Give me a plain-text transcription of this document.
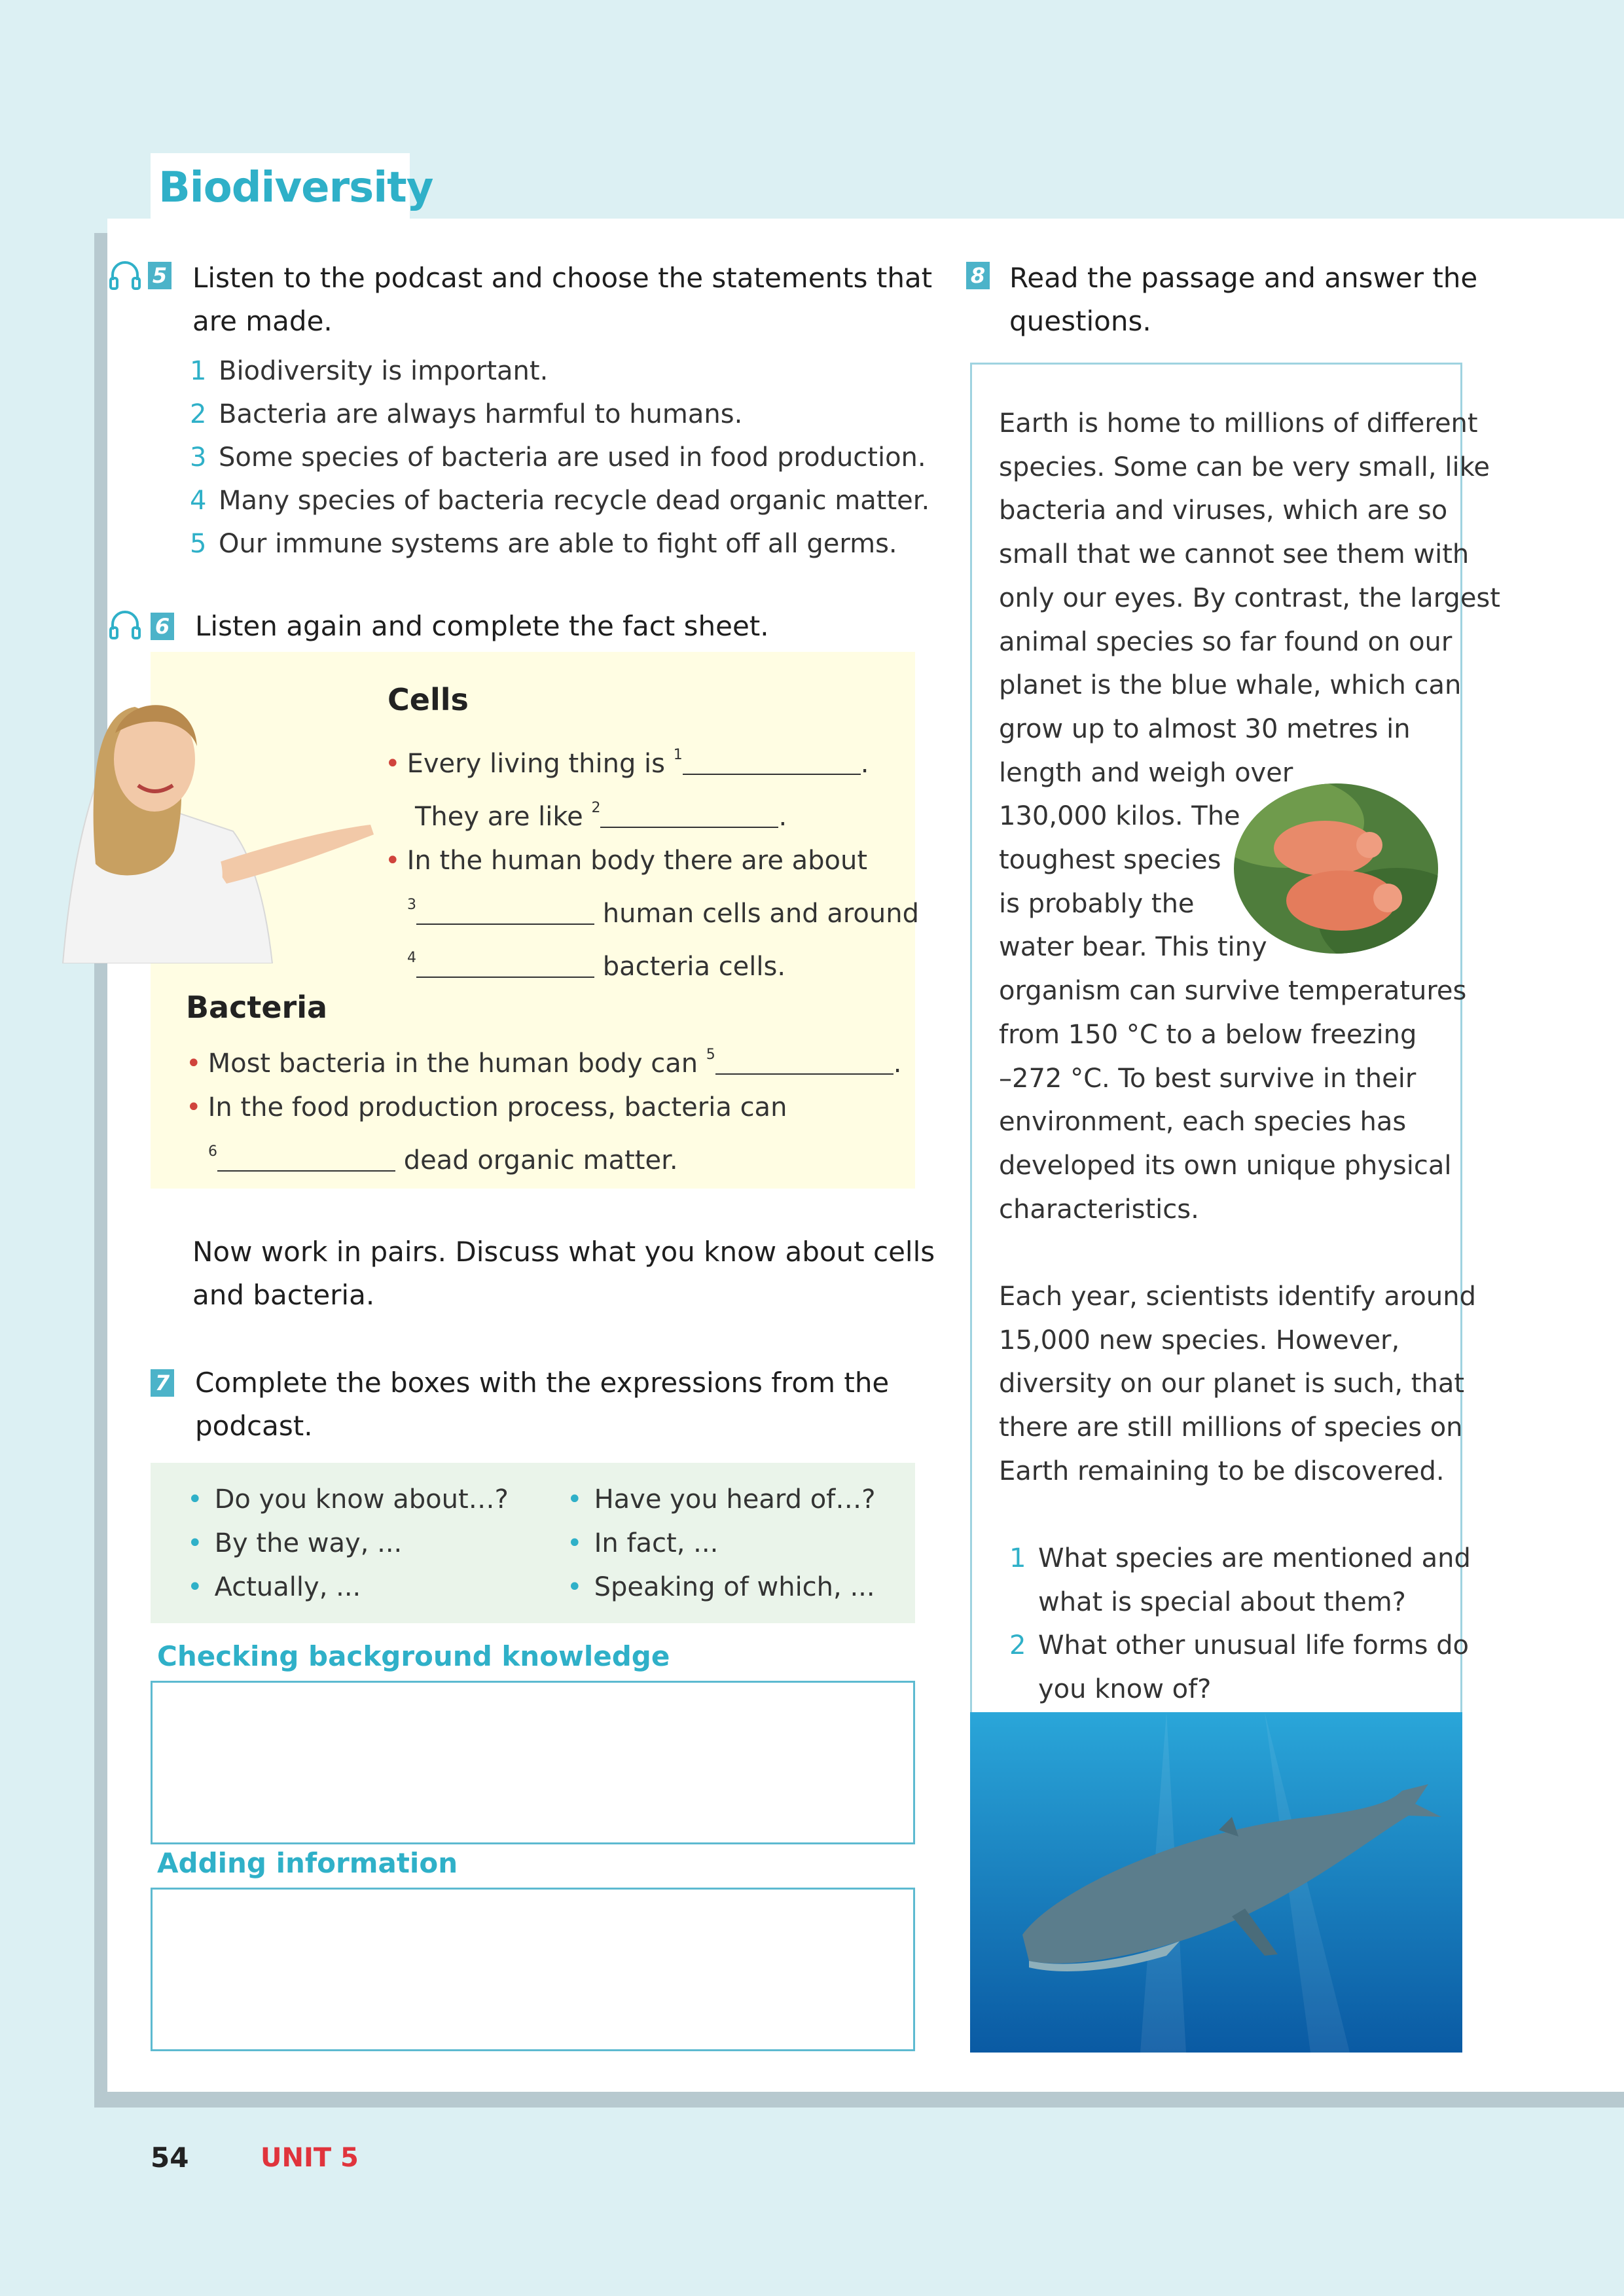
Biodiversity
5 Listen to the podcast and choose the statements that
are made.
1 Biodiversity is important.
2 Bacteria are always harmful to humans.
3 Some species of bacteria are used in food production.
4 Many species of bacteria recycle dead organic matter.
5 Our immune systems are able to fight off all germs.
6 Listen again and complete the fact sheet.
Cells
• Every living thing is $^1$	.
They are like $^2$	.
• In the human body there are about
$^3$	human cells and around
$^4$	bacteria cells.
Bacteria
• Most bacteria in the human body can $^5$	.
• In the food production process, bacteria can
$^6$	dead organic matter.
Now work in pairs. Discuss what you know about cells
and bacteria.
7 Complete the boxes with the expressions from the
podcast.
• Do you know about…?
• By the way, ...
• Actually, ...
• Have you heard of…?
• In fact, ...
• Speaking of which, ...
Checking background knowledge
Adding information
8 Read the passage and answer the
questions.
Earth is home to millions of different
species. Some can be very small, like
bacteria and viruses, which are so
small that we cannot see them with
only our eyes. By contrast, the largest
animal species so far found on our
planet is the blue whale, which can
grow up to almost 30 metres in
length and weigh over
130,000 kilos. The
toughest species
is probably the
water bear. This tiny
organism can survive temperatures
from 150 °C to a below freezing
–272 °C. To best survive in their
environment, each species has
developed its own unique physical
characteristics.
Each year, scientists identify around
15,000 new species. However,
diversity on our planet is such, that
there are still millions of species on
Earth remaining to be discovered.
1 What species are mentioned and
what is special about them?
2 What other unusual life forms do
you know of?
54	UNIT 5
